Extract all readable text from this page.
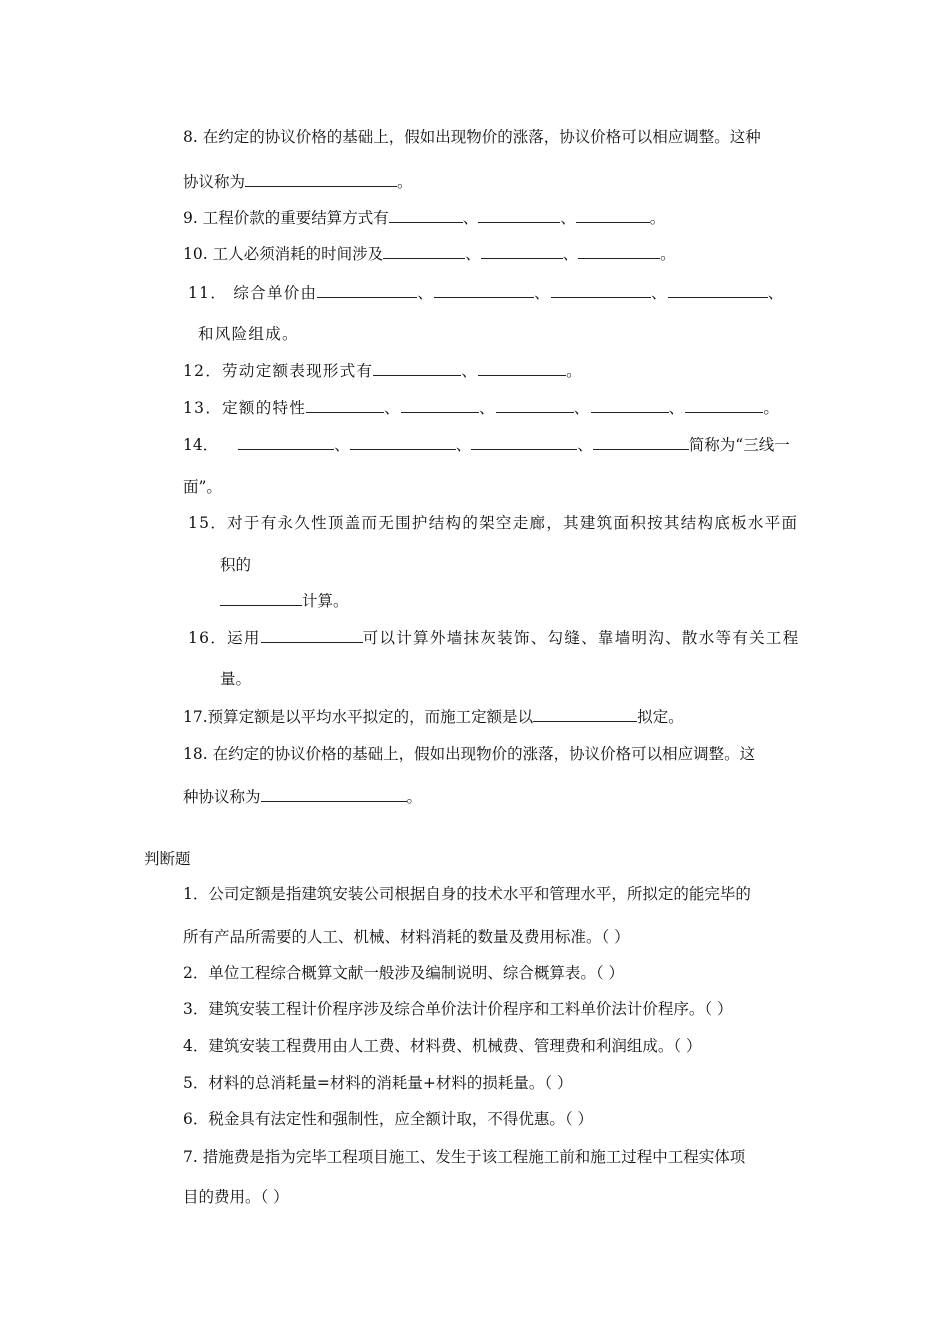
8. 在约定的协议价格的基础上，假如出现物价的涨落，协议价格可以相应调整。这种
协议称为	。
9. 工程价款的重要结算方式有	、	、	。
10. 工人必须消耗的时间涉及	、	、	。
11． 综合单价由	、	、	、	、
和风险组成。
12．劳动定额表现形式有	、	。
13．定额的特性	、	、	、	、	。
14．	、	、	、	简称为“三线一
面”。
15．对于有永久性顶盖而无围护结构的架空走廊，其建筑面积按其结构底板水平面
积的
计算。
16．运用	可以计算外墙抹灰装饰、勾缝、靠墙明沟、散水等有关工程
量。
17.预算定额是以平均水平拟定的，而施工定额是以	拟定。
18. 在约定的协议价格的基础上，假如出现物价的涨落，协议价格可以相应调整。这
种协议称为	。
判断题
1．公司定额是指建筑安装公司根据自身的技术水平和管理水平，所拟定的能完毕的
所有产品所需要的人工、机械、材料消耗的数量及费用标准。（ ）
2．单位工程综合概算文献一般涉及编制说明、综合概算表。（ ）
3．建筑安装工程计价程序涉及综合单价法计价程序和工料单价法计价程序。（ ）
4．建筑安装工程费用由人工费、材料费、机械费、管理费和利润组成。（ ）
5．材料的总消耗量=材料的消耗量+材料的损耗量。（ ）
6．税金具有法定性和强制性，应全额计取，不得优惠。（ ）
7. 措施费是指为完毕工程项目施工、发生于该工程施工前和施工过程中工程实体项
目的费用。（ ）
